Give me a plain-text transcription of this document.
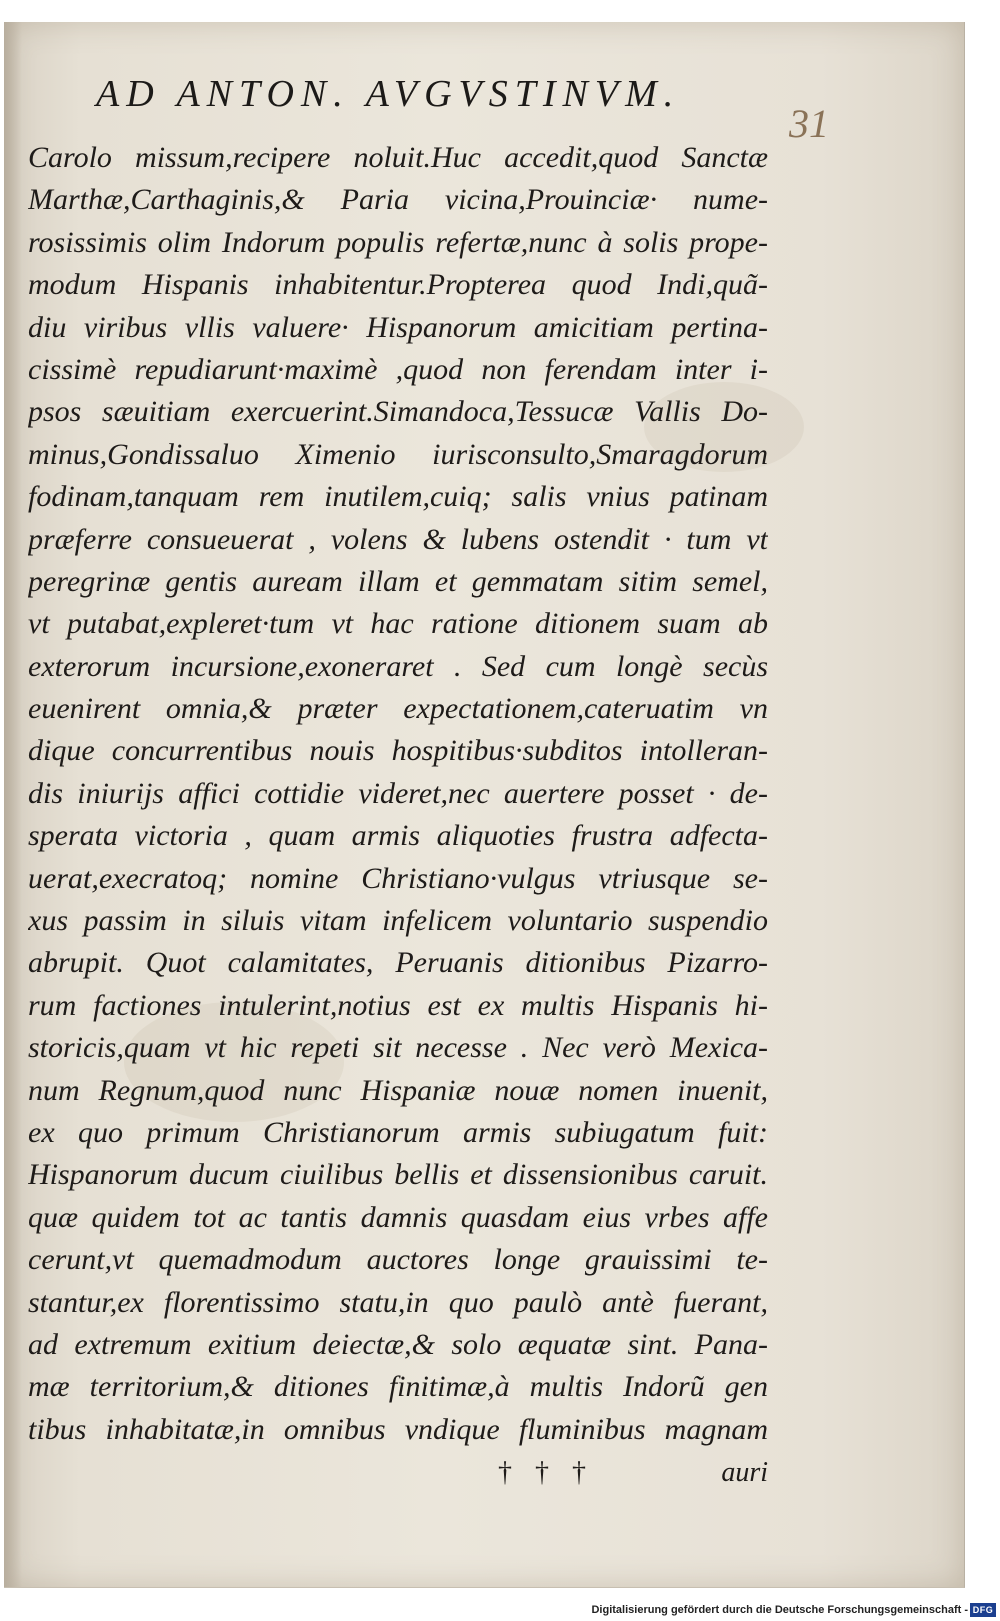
AD ANTON. AVGVSTINVM.
31
Carolo missum,recipere noluit.Huc accedit,quod Sanctæ
Marthæ,Carthaginis,& Paria vicina,Prouinciæ· nume-
rosissimis olim Indorum populis refertæ,nunc à solis prope-
modum Hispanis inhabitentur.Propterea quod Indi,quã-
diu viribus vllis valuere· Hispanorum amicitiam pertina-
cissimè repudiarunt·maximè ,quod non ferendam inter i-
psos sæuitiam exercuerint.Simandoca,Tessucæ Vallis Do-
minus,Gondissaluo Ximenio iurisconsulto,Smaragdorum
fodinam,tanquam rem inutilem,cuiq; salis vnius patinam
præferre consueuerat , volens & lubens ostendit · tum vt
peregrinæ gentis auream illam et gemmatam sitim semel,
vt putabat,expleret·tum vt hac ratione ditionem suam ab
exterorum incursione,exoneraret . Sed cum longè secùs
euenirent omnia,& præter expectationem,cateruatim vn
dique concurrentibus nouis hospitibus·subditos intolleran-
dis iniurijs affici cottidie videret,nec auertere posset · de-
sperata victoria , quam armis aliquoties frustra adfecta-
uerat,execratoq; nomine Christiano·vulgus vtriusque se-
xus passim in siluis vitam infelicem voluntario suspendio
abrupit. Quot calamitates, Peruanis ditionibus Pizarro-
rum factiones intulerint,notius est ex multis Hispanis hi-
storicis,quam vt hic repeti sit necesse . Nec verò Mexica-
num Regnum,quod nunc Hispaniæ nouæ nomen inuenit,
ex quo primum Christianorum armis subiugatum fuit:
Hispanorum ducum ciuilibus bellis et dissensionibus caruit.
quæ quidem tot ac tantis damnis quasdam eius vrbes affe
cerunt,vt quemadmodum auctores longe grauissimi te-
stantur,ex florentissimo statu,in quo paulò antè fuerant,
ad extremum exitium deiectæ,& solo æquatæ sint. Pana-
mæ territorium,& ditiones finitimæ,à multis Indorũ gen
tibus inhabitatæ,in omnibus vndique fluminibus magnam
† † †	auri
Digitalisierung gefördert durch die Deutsche Forschungsgemeinschaft - DFG
